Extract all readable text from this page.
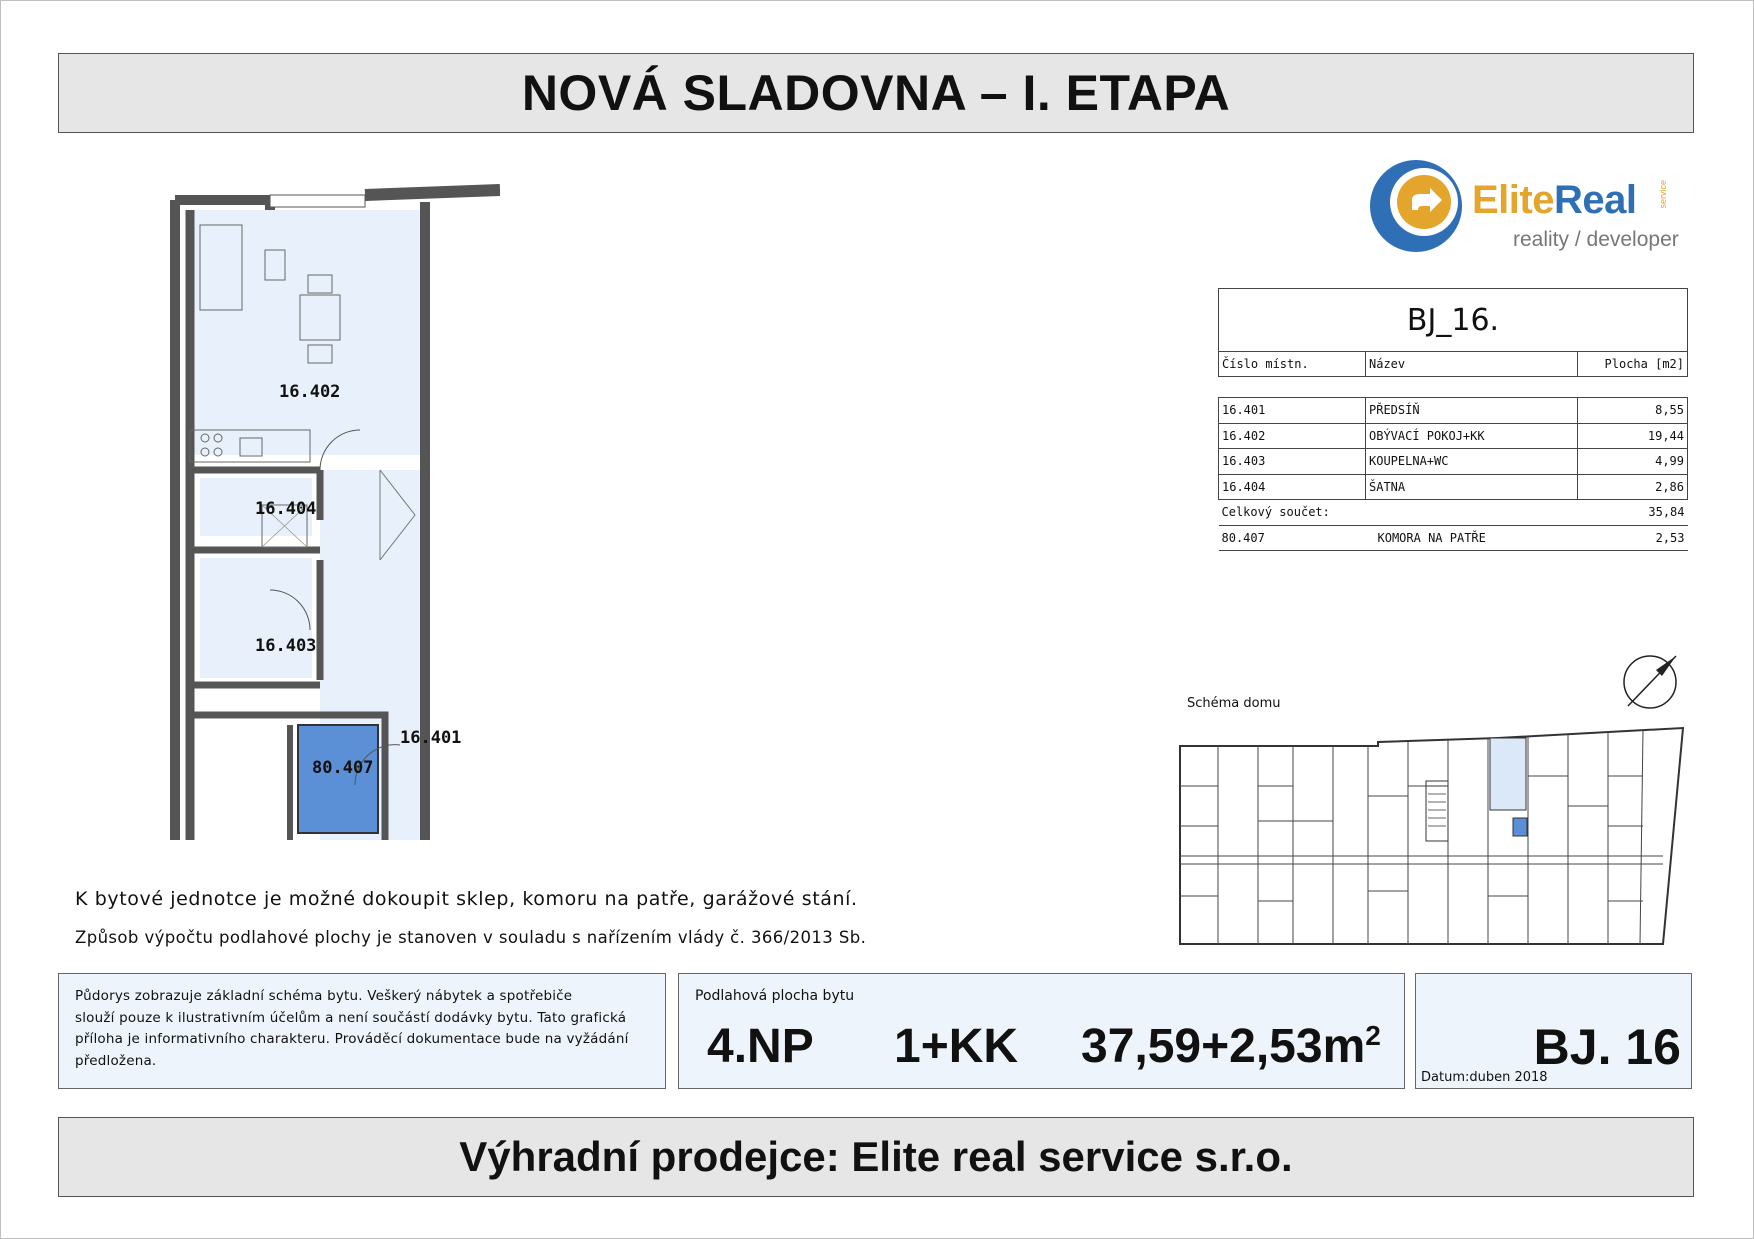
NOVÁ SLADOVNA – I. ETAPA
16.402
16.404
16.403
16.401
80.407
EliteReal service
reality / developer
BJ_16.
Číslo místn.	Název	Plocha [m2]

16.401	PŘEDSÍŇ	8,55
16.402	OBÝVACÍ POKOJ+KK	19,44
16.403	KOUPELNA+WC	4,99
16.404	ŠATNA	2,86
Celkový součet:		35,84
80.407	KOMORA NA PATŘE	2,53
Schéma domu
K bytové jednotce je možné dokoupit sklep, komoru na patře, garážové stání.
Způsob výpočtu podlahové plochy je stanoven v souladu s nařízením vlády č. 366/2013 Sb.
Půdorys zobrazuje základní schéma bytu. Veškerý nábytek a spotřebiče
slouží pouze k ilustrativním účelům a není součástí dodávky bytu. Tato grafická
příloha je informativního charakteru. Prováděcí dokumentace bude na vyžádání
předložena.
Podlahová plocha bytu
4.NP 1+KK $37,59+2,53m^2$	BJ. 16
Datum:duben 2018
Výhradní prodejce: Elite real service s.r.o.
